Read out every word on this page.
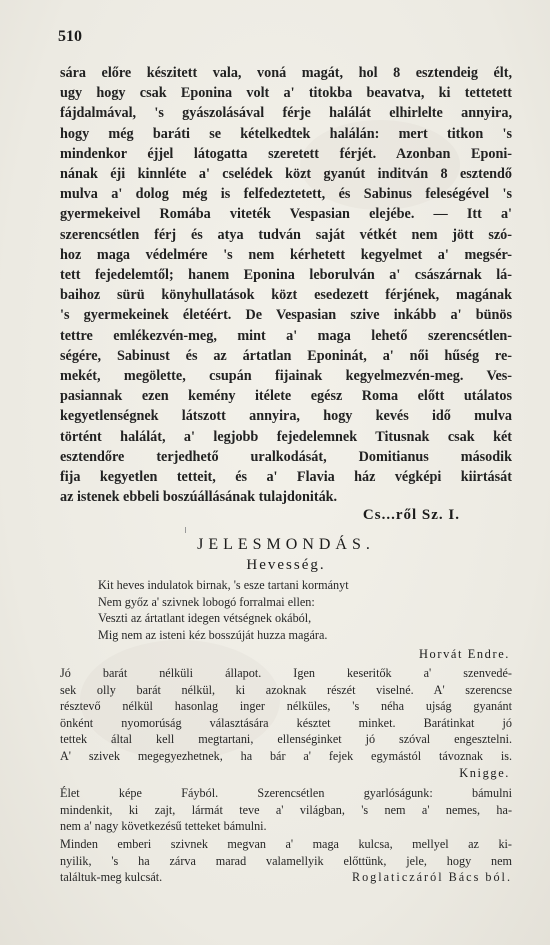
510
sára előre készitett vala, voná magát, hol 8 esztendeig élt,
ugy hogy csak Eponina volt a' titokba beavatva, ki tettetett
fájdalmával, 's gyászolásával férje halálát elhirlelte annyira,
hogy még baráti se kételkedtek halálán: mert titkon 's
mindenkor éjjel látogatta szeretett férjét. Azonban Eponi-
nának éji kinnléte a' cselédek közt gyanút inditván 8 esztendő
mulva a' dolog még is felfedeztetett, és Sabinus feleségével 's
gyermekeivel Romába viteték Vespasian elejébe. — Itt a'
szerencsétlen férj és atya tudván saját vétkét nem jött szó-
hoz maga védelmére 's nem kérhetett kegyelmet a' megsér-
tett fejedelemtől; hanem Eponina leborulván a' császárnak lá-
baihoz sürü könyhullatások közt esedezett férjének, magának
's gyermekeinek életéért. De Vespasian szive inkább a' bünös
tettre emlékezvén-meg, mint a' maga lehető szerencsétlen-
ségére, Sabinust és az ártatlan Eponinát, a' női hűség re-
mekét, megölette, csupán fijainak kegyelmezvén-meg. Ves-
pasiannak ezen kemény itélete egész Roma előtt utálatos
kegyetlenségnek látszott annyira, hogy kevés idő mulva
történt halálát, a' legjobb fejedelemnek Titusnak csak két
esztendőre terjedhető uralkodását, Domitianus második
fija kegyetlen tetteit, és a' Flavia ház végképi kiirtását
az istenek ebbeli boszúállásának tulajdoniták.
Cs...ről Sz. I.
JELESMONDÁS.
Hevesség.
Kit heves indulatok birnak, 's esze tartani kormányt
Nem győz a' szivnek lobogó forralmai ellen:
Veszti az ártatlant idegen vétségnek okából,
Mig nem az isteni kéz bosszúját huzza magára.
Horvát Endre.
Jó barát nélküli állapot. Igen keseritők a' szenvedé-
sek olly barát nélkül, ki azoknak részét viselné. A' szerencse
résztevő nélkül hasonlag inger nélküles, 's néha ujság gyanánt
önként nyomorúság választására késztet minket. Barátinkat jó
tettek által kell megtartani, ellenséginket jó szóval engesztelni.
A' szivek megegyezhetnek, ha bár a' fejek egymástól távoznak is.
Knigge.
Élet képe Fáyból. Szerencsétlen gyarlóságunk: bámulni
mindenkit, ki zajt, lármát teve a' világban, 's nem a' nemes, ha-
nem a' nagy következésű tetteket bámulni.
Minden emberi szivnek megvan a' maga kulcsa, mellyel az ki-
nyilik, 's ha zárva marad valamellyik előttünk, jele, hogy nem
találtuk-meg kulcsát.	Roglaticzáról Bács ból.
